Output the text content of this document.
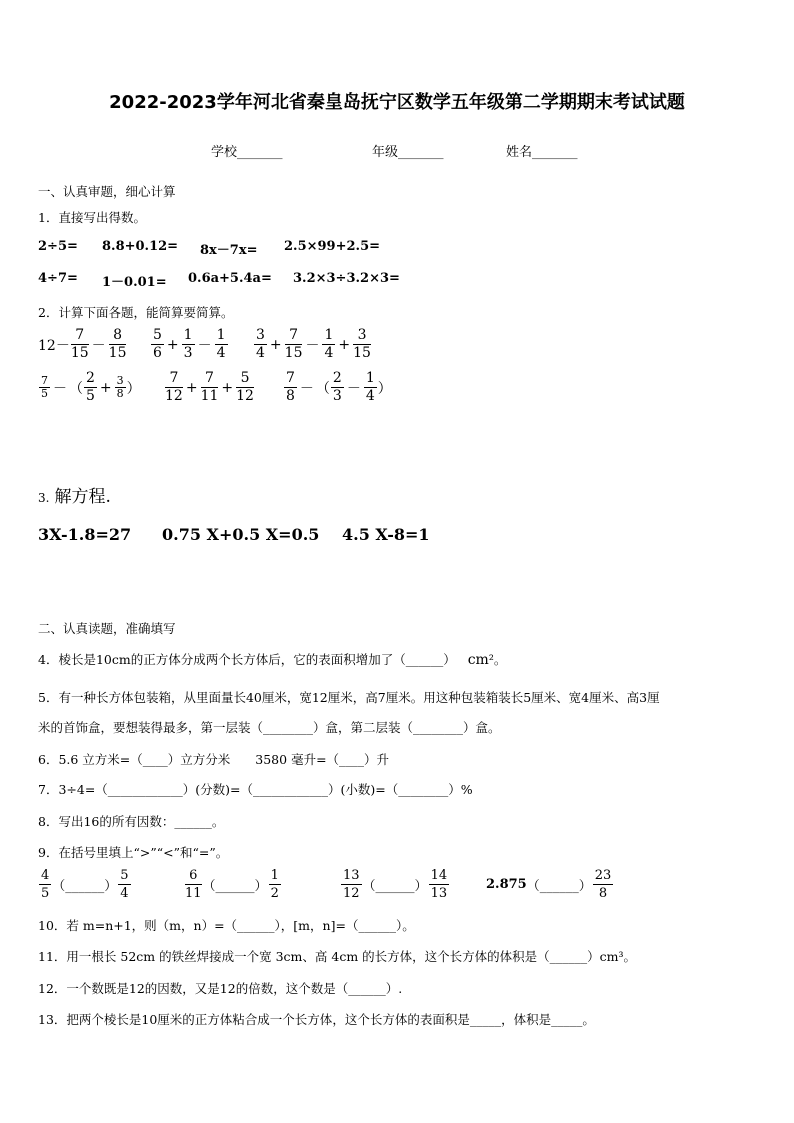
2022-2023学年河北省秦皇岛抚宁区数学五年级第二学期期末考试试题
学校_______	年级_______	姓名_______
一、认真审题，细心计算
1．直接写出得数。
2÷5= 8.8+0.12= 8x－7x= 2.5×99+2.5=
4÷7= 1－0.01= 0.6a+5.4a= 3.2×3÷3.2×3=
2．计算下面各题，能简算要简算。
12－
7
15 －
8
15
5
6
+ $\frac{1}{3}$ －
1
4
3
4
+ $\frac{7}{15}$ －
1
4
+ $\frac{3}{15}$
7
5 － （
2
5
+ $\frac{3}{8}$ ）
7
12
+ $\frac{7}{11} + \frac{5}{12} 7$
8 － （
2
3 －
1
4 ）
3. 解方程.
3X-1.8=27 0.75 X+0.5 X=0.5 4.5 X-8=1
二、认真读题，准确填写
4．棱长是10cm的正方体分成两个长方体后，它的表面积增加了（______） cm²。
5．有一种长方体包装箱，从里面量长40厘米，宽12厘米，高7厘米。用这种包装箱装长5厘米、宽4厘米、高3厘
米的首饰盒，要想装得最多，第一层装（________）盒，第二层装（________）盒。
6．5.6 立方米=（____）立方分米　　3580 毫升=（____）升
7．3÷4=（____________）(分数)=（____________）(小数)=（________）%
8．写出16的所有因数：______。
9．在括号里填上“>”“<”和“=”。
4
5 （______）
5
4
6
11 （______）
1
2
13
12 （______）
14
13
2.875 （______）
23
8
10．若 m=n+1，则（m，n）=（______），[m，n]=（______）。
11．用一根长 52cm 的铁丝焊接成一个宽 3cm、高 4cm 的长方体，这个长方体的体积是（______）cm³。
12．一个数既是12的因数，又是12的倍数，这个数是（______）.
13．把两个棱长是10厘米的正方体粘合成一个长方体，这个长方体的表面积是_____，体积是_____。
